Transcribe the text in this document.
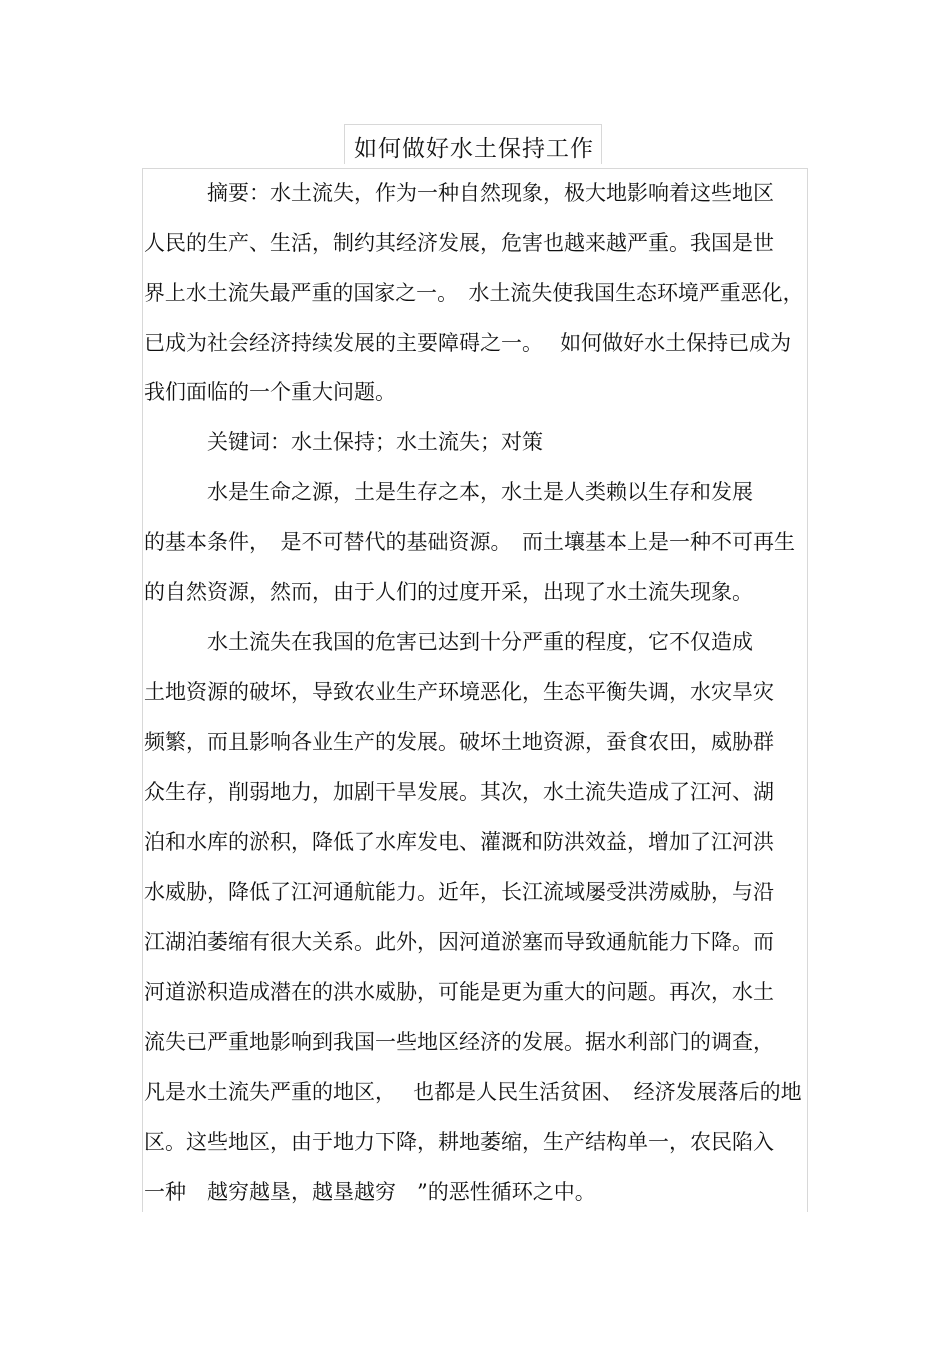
如何做好水土保持工作
　　　摘要：水土流失，作为一种自然现象，极大地影响着这些地区
人民的生产、生活，制约其经济发展，危害也越来越严重。我国是世
界上水土流失最严重的国家之一。　水土流失使我国生态环境严重恶化，
已成为社会经济持续发展的主要障碍之一。　 如何做好水土保持已成为
我们面临的一个重大问题。
　　　关键词：水土保持；水土流失；对策
　　　水是生命之源，土是生存之本，水土是人类赖以生存和发展
的基本条件，　是不可替代的基础资源。　而土壤基本上是一种不可再生
的自然资源，然而，由于人们的过度开采，出现了水土流失现象。
　　　水土流失在我国的危害已达到十分严重的程度，它不仅造成
土地资源的破坏，导致农业生产环境恶化，生态平衡失调，水灾旱灾
频繁，而且影响各业生产的发展。破坏土地资源，蚕食农田，威胁群
众生存，削弱地力，加剧干旱发展。其次，水土流失造成了江河、湖
泊和水库的淤积，降低了水库发电、灌溉和防洪效益，增加了江河洪
水威胁，降低了江河通航能力。近年，长江流域屡受洪涝威胁，与沿
江湖泊萎缩有很大关系。此外，因河道淤塞而导致通航能力下降。而
河道淤积造成潜在的洪水威胁，可能是更为重大的问题。再次，水土
流失已严重地影响到我国一些地区经济的发展。据水利部门的调查，
凡是水土流失严重的地区，　 也都是人民生活贫困、　经济发展落后的地
区。这些地区，由于地力下降，耕地萎缩，生产结构单一，农民陷入
一种　越穷越垦，越垦越穷　”的恶性循环之中。
